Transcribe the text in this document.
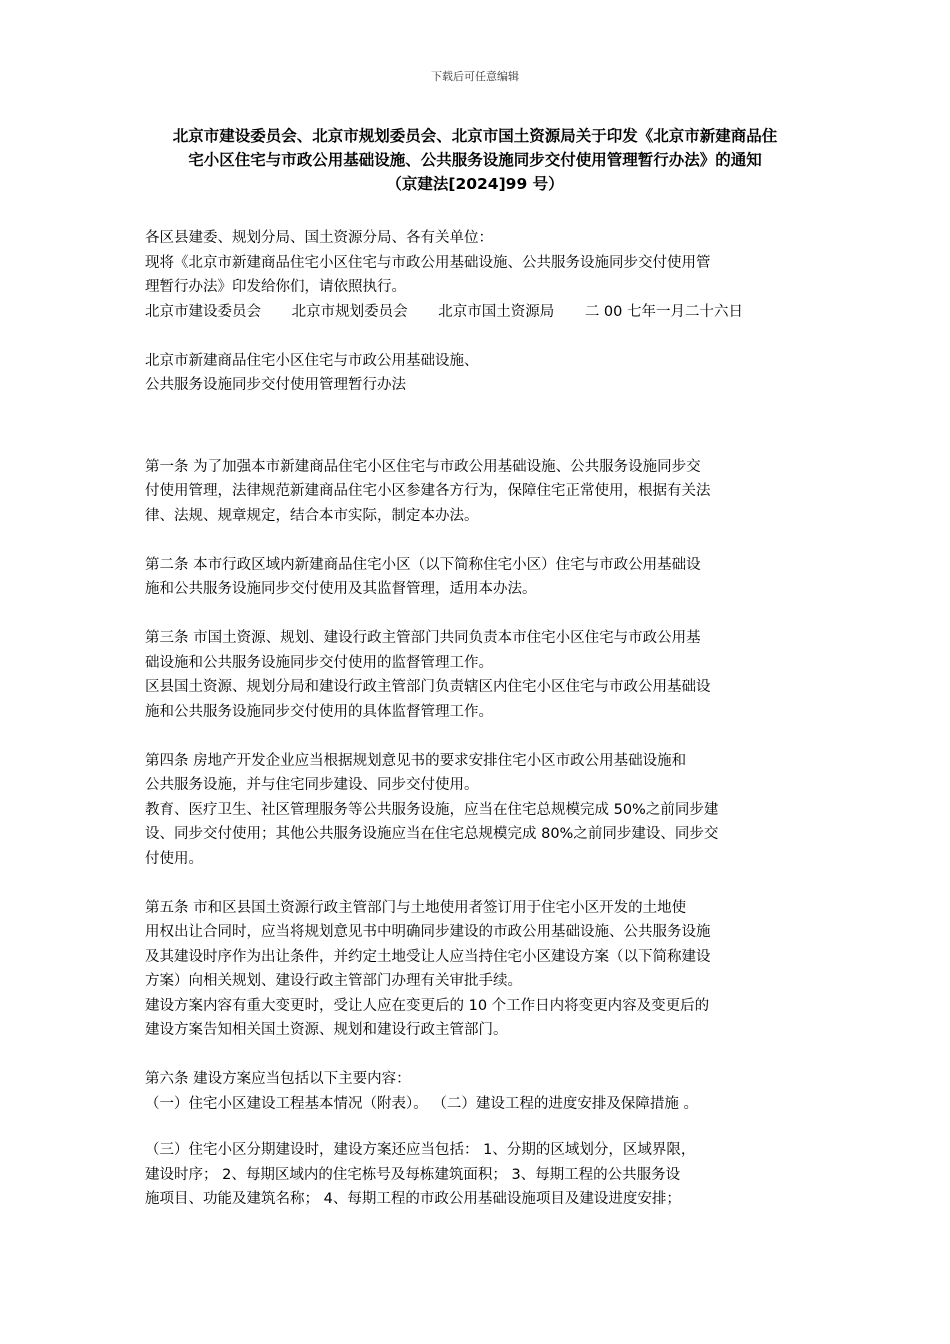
下载后可任意编辑
北京市建设委员会、北京市规划委员会、北京市国土资源局关于印发《北京市新建商品住
宅小区住宅与市政公用基础设施、公共服务设施同步交付使用管理暂行办法》的通知
（京建法[2024]99 号）
各区县建委、规划分局、国土资源分局、各有关单位：
现将《北京市新建商品住宅小区住宅与市政公用基础设施、公共服务设施同步交付使用管
理暂行办法》印发给你们，请依照执行。
北京市建设委员会 北京市规划委员会 北京市国土资源局 二 00 七年一月二十六日
北京市新建商品住宅小区住宅与市政公用基础设施、
公共服务设施同步交付使用管理暂行办法
第一条 为了加强本市新建商品住宅小区住宅与市政公用基础设施、公共服务设施同步交
付使用管理，法律规范新建商品住宅小区参建各方行为，保障住宅正常使用，根据有关法
律、法规、规章规定，结合本市实际，制定本办法。
第二条 本市行政区域内新建商品住宅小区（以下简称住宅小区）住宅与市政公用基础设
施和公共服务设施同步交付使用及其监督管理，适用本办法。
第三条 市国土资源、规划、建设行政主管部门共同负责本市住宅小区住宅与市政公用基
础设施和公共服务设施同步交付使用的监督管理工作。
区县国土资源、规划分局和建设行政主管部门负责辖区内住宅小区住宅与市政公用基础设
施和公共服务设施同步交付使用的具体监督管理工作。
第四条 房地产开发企业应当根据规划意见书的要求安排住宅小区市政公用基础设施和
公共服务设施，并与住宅同步建设、同步交付使用。
教育、医疗卫生、社区管理服务等公共服务设施，应当在住宅总规模完成 50%之前同步建
设、同步交付使用；其他公共服务设施应当在住宅总规模完成 80%之前同步建设、同步交
付使用。
第五条 市和区县国土资源行政主管部门与土地使用者签订用于住宅小区开发的土地使
用权出让合同时，应当将规划意见书中明确同步建设的市政公用基础设施、公共服务设施
及其建设时序作为出让条件，并约定土地受让人应当持住宅小区建设方案（以下简称建设
方案）向相关规划、建设行政主管部门办理有关审批手续。
建设方案内容有重大变更时，受让人应在变更后的 10 个工作日内将变更内容及变更后的
建设方案告知相关国土资源、规划和建设行政主管部门。
第六条 建设方案应当包括以下主要内容：
（一）住宅小区建设工程基本情况（附表）。 （二）建设工程的进度安排及保障措施 。
（三）住宅小区分期建设时，建设方案还应当包括： 1、分期的区域划分，区域界限，
建设时序； 2、每期区域内的住宅栋号及每栋建筑面积； 3、每期工程的公共服务设
施项目、功能及建筑名称； 4、每期工程的市政公用基础设施项目及建设进度安排；
